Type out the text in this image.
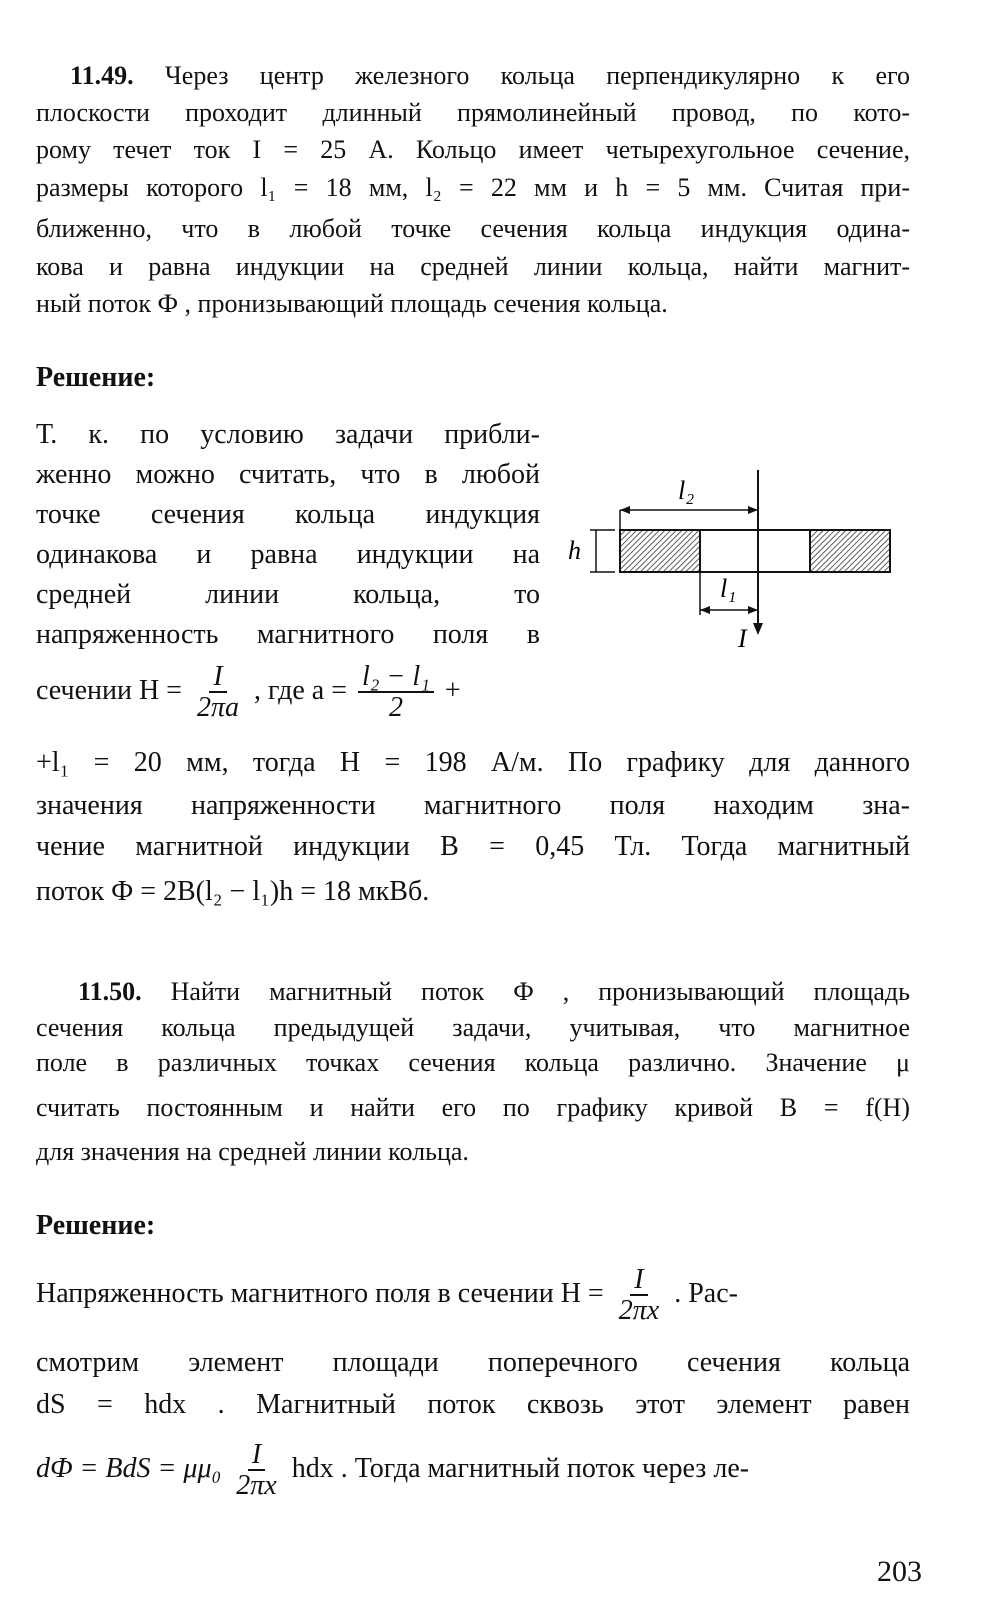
11.49. Через центр железного кольца перпендикулярно к его
плоскости проходит длинный прямолинейный провод, по кото-
рому течет ток I = 25 А. Кольцо имеет четырехугольное сечение,
размеры которого l₁ = 18 мм, l₂ = 22 мм и h = 5 мм. Считая при-
ближенно, что в любой точке сечения кольца индукция одина-
кова и равна индукции на средней линии кольца, найти магнит-
ный поток Ф , пронизывающий площадь сечения кольца.
Решение:
Т. к. по условию задачи прибли-
женно можно считать, что в любой
точке сечения кольца индукция
одинакова и равна индукции на
средней линии кольца, то
напряженность магнитного поля в
сечении $H = \frac{I}{2\pi a}$ , где $a = \frac{\text{l₂ − l₁}}{2}$ +
+l₁ = 20 мм, тогда H = 198 А/м. По графику для данного
значения напряженности магнитного поля находим зна-
чение магнитной индукции B = 0,45 Тл. Тогда магнитный
поток Ф = 2B(l₂ − l₁)h = 18 мкВб.
l₂
h
l₁
I
11.50. Найти магнитный поток Ф , пронизывающий площадь
сечения кольца предыдущей задачи, учитывая, что магнитное
поле в различных точках сечения кольца различно. Значение μ
считать постоянным и найти его по графику кривой B = f(H)
для значения на средней линии кольца.
Решение:
Напряженность магнитного поля в сечении $H = \frac{I}{2\pi x}$ . Рас-
смотрим элемент площади поперечного сечения кольца
dS = hdx . Магнитный поток сквозь этот элемент равен
dФ = BdS = $\mu\mu_0 \frac{I}{2\pi x}$ hdx . Тогда магнитный поток через ле-
203
